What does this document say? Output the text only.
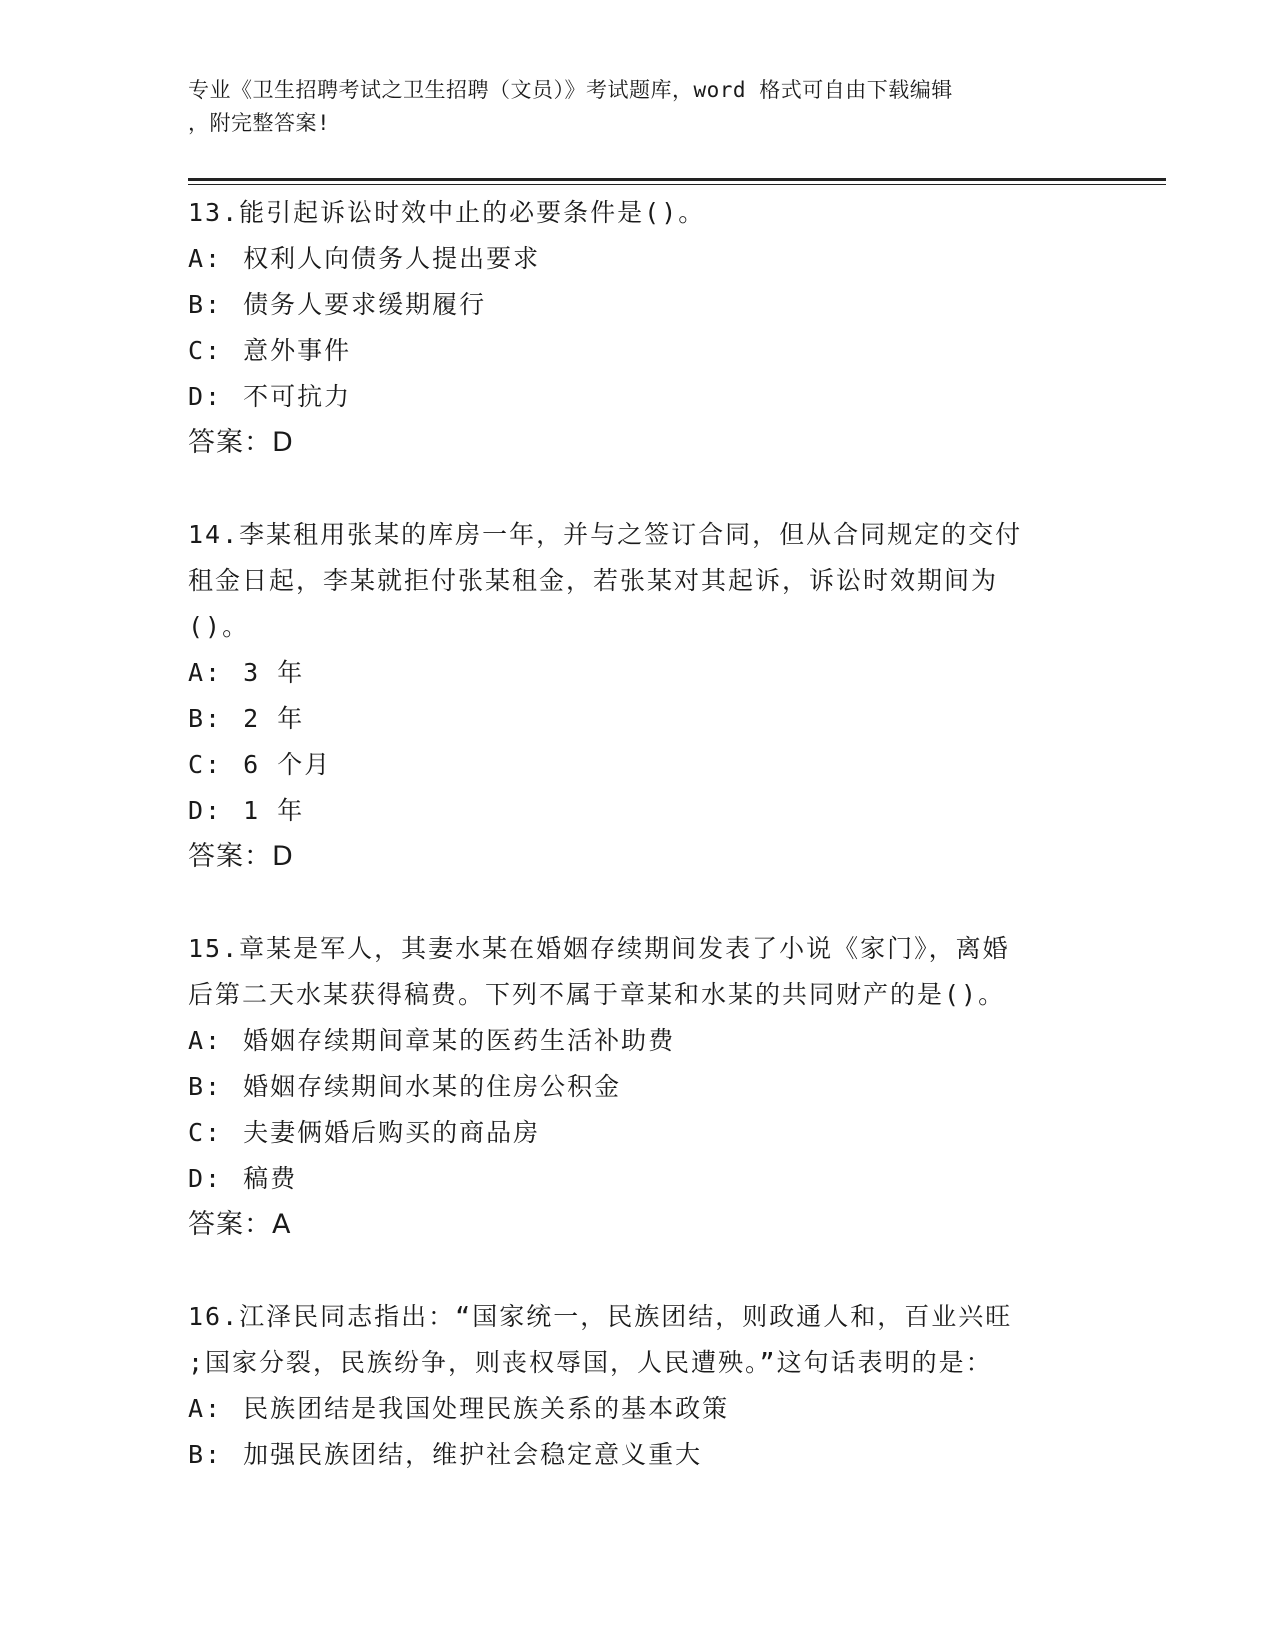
专业《卫生招聘考试之卫生招聘（文员）》考试题库，word 格式可自由下载编辑
，附完整答案!
13.能引起诉讼时效中止的必要条件是()。
A: 权利人向债务人提出要求
B: 债务人要求缓期履行
C: 意外事件
D: 不可抗力
答案：D
14.李某租用张某的库房一年，并与之签订合同，但从合同规定的交付
租金日起，李某就拒付张某租金，若张某对其起诉，诉讼时效期间为
()。
A: 3 年
B: 2 年
C: 6 个月
D: 1 年
答案：D
15.章某是军人，其妻水某在婚姻存续期间发表了小说《家门》，离婚
后第二天水某获得稿费。下列不属于章某和水某的共同财产的是()。
A: 婚姻存续期间章某的医药生活补助费
B: 婚姻存续期间水某的住房公积金
C: 夫妻俩婚后购买的商品房
D: 稿费
答案：A
16.江泽民同志指出：“国家统一，民族团结，则政通人和，百业兴旺
;国家分裂，民族纷争，则丧权辱国，人民遭殃。”这句话表明的是：
A: 民族团结是我国处理民族关系的基本政策
B: 加强民族团结，维护社会稳定意义重大
